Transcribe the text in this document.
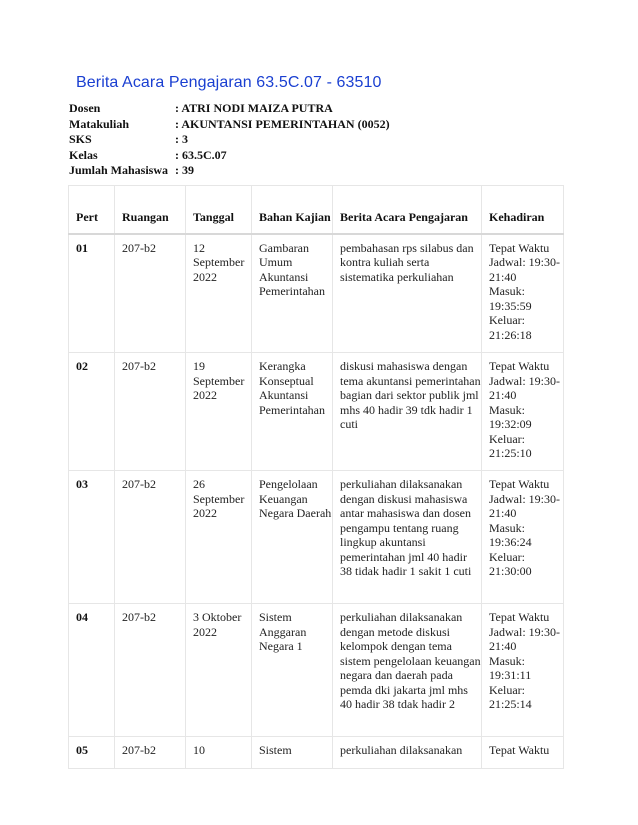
Berita Acara Pengajaran 63.5C.07 - 63510
Dosen	: ATRI NODI MAIZA PUTRA
Matakuliah	: AKUNTANSI PEMERINTAHAN (0052)
SKS	: 3
Kelas	: 63.5C.07
Jumlah Mahasiswa	: 39
Pert	Ruangan	Tanggal	Bahan Kajian	Berita Acara Pengajaran	Kehadiran
01	207-b2	12 September 2022	Gambaran Umum Akuntansi Pemerintahan	pembahasan rps silabus dan kontra kuliah serta sistematika perkuliahan	Tepat Waktu
Jadwal: 19:30-21:40
Masuk: 19:35:59
Keluar: 21:26:18

02	207-b2	19 September 2022	Kerangka Konseptual Akuntansi Pemerintahan	diskusi mahasiswa dengan tema akuntansi pemerintahan bagian dari sektor publik jml mhs 40 hadir 39 tdk hadir 1 cuti	Tepat Waktu
Jadwal: 19:30-21:40
Masuk: 19:32:09
Keluar: 21:25:10

03	207-b2	26 September 2022	Pengelolaan Keuangan Negara Daerah	perkuliahan dilaksanakan dengan diskusi mahasiswa antar mahasiswa dan dosen pengampu tentang ruang lingkup akuntansi pemerintahan jml 40 hadir 38 tidak hadir 1 sakit 1 cuti	Tepat Waktu
Jadwal: 19:30-21:40
Masuk: 19:36:24
Keluar: 21:30:00

04	207-b2	3 Oktober 2022	Sistem Anggaran Negara 1	perkuliahan dilaksanakan dengan metode diskusi kelompok dengan tema sistem pengelolaan keuangan negara dan daerah pada pemda dki jakarta jml mhs 40 hadir 38 tdak hadir 2	Tepat Waktu
Jadwal: 19:30-21:40
Masuk: 19:31:11
Keluar: 21:25:14

05	207-b2	10	Sistem	perkuliahan dilaksanakan	Tepat Waktu
